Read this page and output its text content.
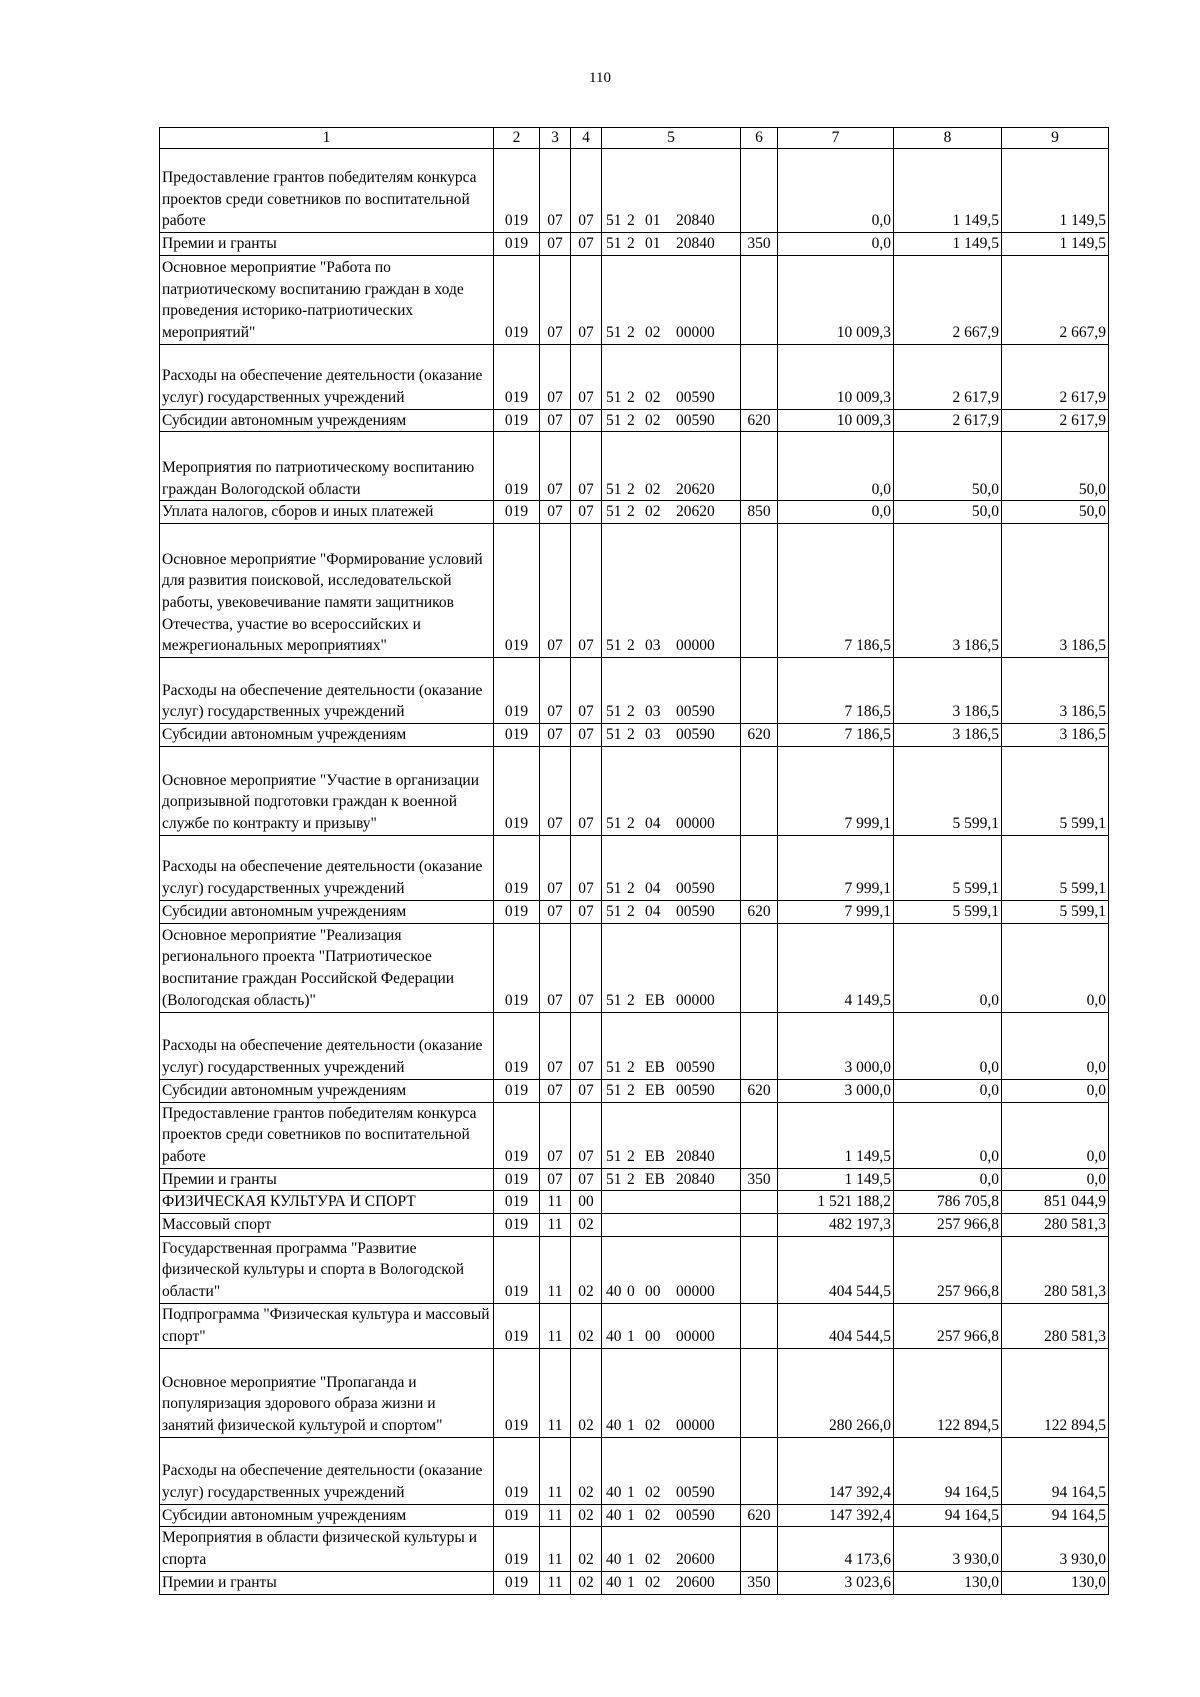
110
1	2	3	4	5	6	7	8	9
Предоставление грантов победителям конкурса проектов среди советников по воспитательной работе	019	07	07	51 2 01 20840		0,0	1 149,5	1 149,5
Премии и гранты	019	07	07	51 2 01 20840	350	0,0	1 149,5	1 149,5
Основное мероприятие "Работа по патриотическому воспитанию граждан в ходе проведения историко-патриотических мероприятий"	019	07	07	51 2 02 00000		10 009,3	2 667,9	2 667,9
Расходы на обеспечение деятельности (оказание услуг) государственных учреждений	019	07	07	51 2 02 00590		10 009,3	2 617,9	2 617,9
Субсидии автономным учреждениям	019	07	07	51 2 02 00590	620	10 009,3	2 617,9	2 617,9
Мероприятия по патриотическому воспитанию граждан Вологодской области	019	07	07	51 2 02 20620		0,0	50,0	50,0
Уплата налогов, сборов и иных платежей	019	07	07	51 2 02 20620	850	0,0	50,0	50,0
Основное мероприятие "Формирование условий для развития поисковой, исследовательской работы, увековечивание памяти защитников Отечества, участие во всероссийских и межрегиональных мероприятиях"	019	07	07	51 2 03 00000		7 186,5	3 186,5	3 186,5
Расходы на обеспечение деятельности (оказание услуг) государственных учреждений	019	07	07	51 2 03 00590		7 186,5	3 186,5	3 186,5
Субсидии автономным учреждениям	019	07	07	51 2 03 00590	620	7 186,5	3 186,5	3 186,5
Основное мероприятие "Участие в организации допризывной подготовки граждан к военной службе по контракту и призыву"	019	07	07	51 2 04 00000		7 999,1	5 599,1	5 599,1
Расходы на обеспечение деятельности (оказание услуг) государственных учреждений	019	07	07	51 2 04 00590		7 999,1	5 599,1	5 599,1
Субсидии автономным учреждениям	019	07	07	51 2 04 00590	620	7 999,1	5 599,1	5 599,1
Основное мероприятие "Реализация регионального проекта "Патриотическое воспитание граждан Российской Федерации (Вологодская область)"	019	07	07	51 2 EB 00000		4 149,5	0,0	0,0
Расходы на обеспечение деятельности (оказание услуг) государственных учреждений	019	07	07	51 2 EB 00590		3 000,0	0,0	0,0
Субсидии автономным учреждениям	019	07	07	51 2 EB 00590	620	3 000,0	0,0	0,0
Предоставление грантов победителям конкурса проектов среди советников по воспитательной работе	019	07	07	51 2 EB 20840		1 149,5	0,0	0,0
Премии и гранты	019	07	07	51 2 EB 20840	350	1 149,5	0,0	0,0
ФИЗИЧЕСКАЯ КУЛЬТУРА И СПОРТ	019	11	00			1 521 188,2	786 705,8	851 044,9
Массовый спорт	019	11	02			482 197,3	257 966,8	280 581,3
Государственная программа "Развитие физической культуры и спорта в Вологодской области"	019	11	02	40 0 00 00000		404 544,5	257 966,8	280 581,3
Подпрограмма "Физическая культура и массовый спорт"	019	11	02	40 1 00 00000		404 544,5	257 966,8	280 581,3
Основное мероприятие "Пропаганда и популяризация здорового образа жизни и занятий физической культурой и спортом"	019	11	02	40 1 02 00000		280 266,0	122 894,5	122 894,5
Расходы на обеспечение деятельности (оказание услуг) государственных учреждений	019	11	02	40 1 02 00590		147 392,4	94 164,5	94 164,5
Субсидии автономным учреждениям	019	11	02	40 1 02 00590	620	147 392,4	94 164,5	94 164,5
Мероприятия в области физической культуры и спорта	019	11	02	40 1 02 20600		4 173,6	3 930,0	3 930,0
Премии и гранты	019	11	02	40 1 02 20600	350	3 023,6	130,0	130,0
